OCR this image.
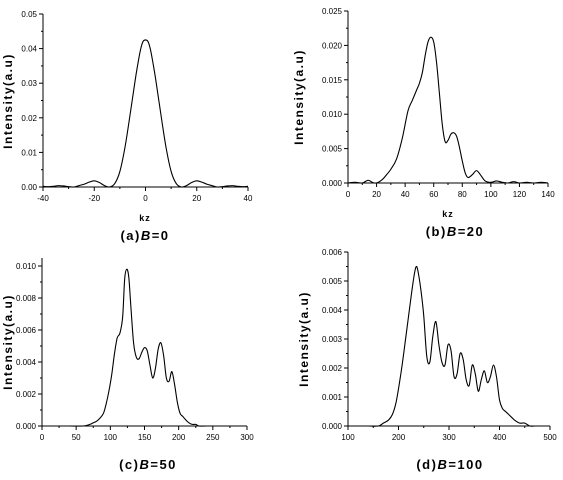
Intensity(a.u)
kz
(a)B=0
-40	-20	0	20	40
0.00
0.01
0.02
0.03
0.04
0.05
Intensity(a.u)
kz
(b)B=20
0	20 40 60 80 100 120 140
0.000
0.005
0.010
0.015
0.020
0.025
Intensity(a.u)
(c)B=50
0	50	100	150	200	250	300
0.000
0.002
0.004
0.006
0.008
0.010
Intensity(a.u)
(d)B=100
100	200	300	400	500
0.000
0.001
0.002
0.003
0.004
0.005
0.006
